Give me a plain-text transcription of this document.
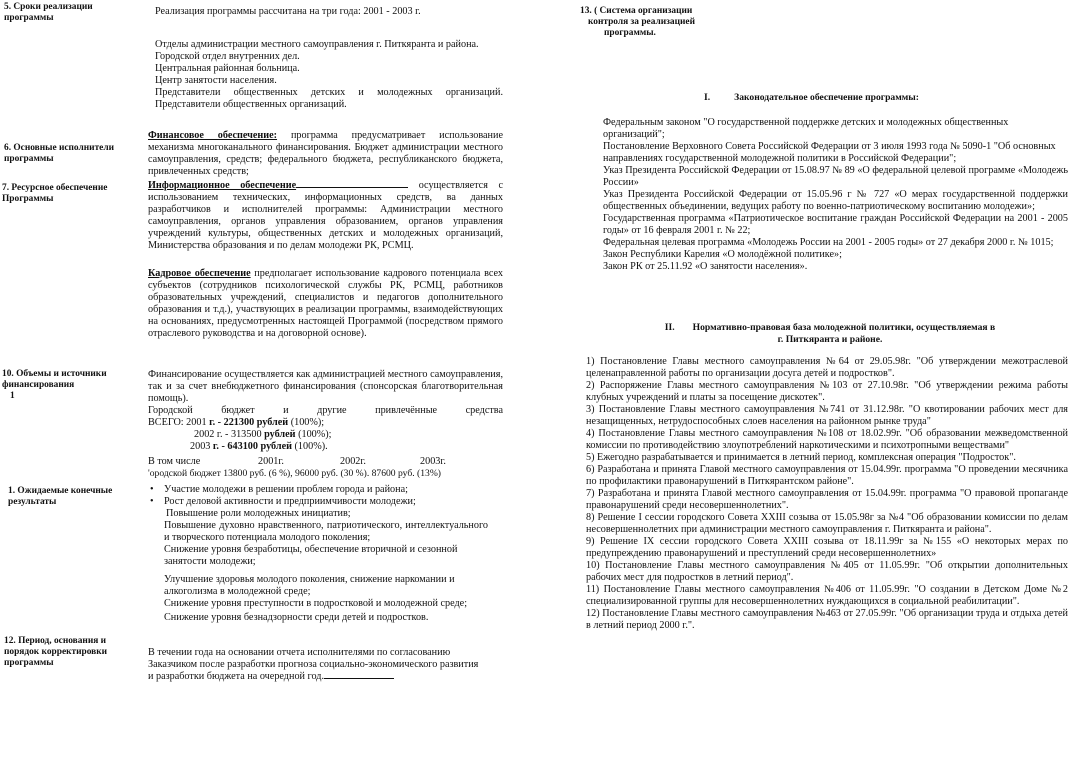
5. Сроки реализации программы
Реализация программы рассчитана на три года: 2001 - 2003 г.

Отделы администрации местного самоуправления г. Питкяранта и района.

Городской отдел внутренних дел.

Центральная районная больница.

Центр занятости населения.

Представители общественных детских и молодежных организаций. Представители общественных организаций.

6. Основные исполнители программы
Финансовое обеспечение: программа предусматривает использование механизма многоканального финансирования. Бюджет администрации местного самоуправления, средств; федерального бюджета, республиканского бюджета, привлеченных средств;
7. Ресурсное обеспечение Программы
Информационное обеспечение	осуществляется с использованием технических, информационных средств, ва данных разработчиков и исполнителей программы: Администрации местного самоуправления, органов управления образованием, органов управления учреждений культуры, общественных детских и молодежных организаций, Министерства образования и по делам молодежи РК, РСМЦ.
Кадровое обеспечение предполагает использование кадрового потенциала всех субъектов (сотрудников психологической службы РК, РСМЦ, работников образовательных учреждений, специалистов и педагогов дополнительного образования и т.д.), участвующих в реализации программы, взаимодействующих на основаниях, предусмотренных настоящей Программой (посредством прямого отраслевого руководства и на договорной основе).
10. Объемы и источники финансирования
1

Финансирование осуществляется как администрацией местного самоуправления, так и за счет внебюджетного финансирования (спонсорская благотворительная помощь).

Городской бюджет и другие привлечённые средства

ВСЕГО: 2001 г. - 221300 рублей (100%);

2002 г. - 313500 рублей (100%);

2003 г. - 643100 рублей (100%).

В том числе	2001г.	2002г.	2003г.

'ородской бюджет 13800 руб. (6 %), 96000 руб. (30 %). 87600 руб. (13%)

1. Ожидаемые конечные результаты
• Участие молодежи в решении проблем города и района;
• Рост деловой активности и предприимчивости молодежи;
Повышение роли молодежных инициатив;
Повышение духовно нравственного, патриотического, интеллектуального и творческого потенциала молодого поколения;
Снижение уровня безработицы, обеспечение вторичной и сезонной занятости молодежи;
Улучшение здоровья молодого поколения, снижение наркомании и алкоголизма в молодежной среде;
Снижение уровня преступности в подростковой и молодежной среде;
Снижение уровня безнадзорности среди детей и подростков.
12. Период, основания и порядок корректировки программы
В течении года на основании отчета исполнителями по согласованию Заказчиком после разработки прогноза социально-экономического развития и разработки бюджета на очередной год.
13. ( Система организации
контроля за реализацией
программы.
I.	Законодательное обеспечение программы:

Федеральным законом "О государственной поддержке детских и молодежных общественных организаций";

Постановление Верховного Совета Российской Федерации от 3 июля 1993 года № 5090-1 "Об основных направлениях государственной молодежной политики в Российской Федерации";

Указ Президента Российской Федерации от 15.08.97 № 89 «О федеральной целевой программе «Молодежь России»

Указ Президента Российской Федерации от 15.05.96 г № 727 «О мерах государственной поддержки общественных объединении, ведущих работу по военно-патриотическому воспитанию молодежи»;

Государственная программа «Патриотическое воспитание граждан Российской Федерации на 2001 - 2005 годы» от 16 февраля 2001 г. № 22;

Федеральная целевая программа «Молодежь России на 2001 - 2005 годы» от 27 декабря 2000 г. № 1015;

Закон Республики Карелия «О молодёжной политике»;

Закон РК от 25.11.92 «О занятости населения».

II. Нормативно-правовая база молодежной политики, осуществляемая в
г. Питкяранта и районе.

1) Постановление Главы местного самоуправления №64 от 29.05.98г. "Об утверждении межотраслевой целенаправленной работы по организации досуга детей и подростков".

2) Распоряжение Главы местного самоуправления №103 от 27.10.98г. "Об утверждении режима работы клубных учреждений и платы за посещение дискотек".

3) Постановление Главы местного самоуправления №741 от 31.12.98г. "О квотировании рабочих мест для незащищенных, нетрудоспособных слоев населения на районном рынке труда"

4) Постановление Главы местного самоуправления №108 от 18.02.99г. "Об образовании межведомственной комиссии по противодействию злоупотреблений наркотическими и психотропными веществами"

5) Ежегодно разрабатывается и принимается в летний период, комплексная операция "Подросток".

6) Разработана и принята Главой местного самоуправления от 15.04.99г. программа "О проведении месячника по профилактики правонарушений в Питкярантском районе".

7) Разработана и принята Главой местного самоуправления от 15.04.99г. программа "О правовой пропаганде правонарушений среди несовершеннолетних".

8) Решение I сессии городского Совета XXIII созыва от 15.05.98г за №4 "Об образовании комиссии по делам несовершеннолетних при администрации местного самоуправления г. Питкяранта и района".

9) Решение IX сессии городского Совета XXIII созыва от 18.11.99г за №155 «О некоторых мерах по предупреждению правонарушений и преступлений среди несовершеннолетних»

10) Постановление Главы местного самоуправления №405 от 11.05.99г. "Об открытии дополнительных рабочих мест для подростков в летний период".

11) Постановление Главы местного самоуправления №406 от 11.05.99г. "О создании в Детском Доме №2 специализированной группы для несовершеннолетних нуждающихся в социальной реабилитации".

12) Постановление Главы местного самоуправления №463 от 27.05.99г. "Об организации труда и отдыха детей в летний период 2000 г.".
